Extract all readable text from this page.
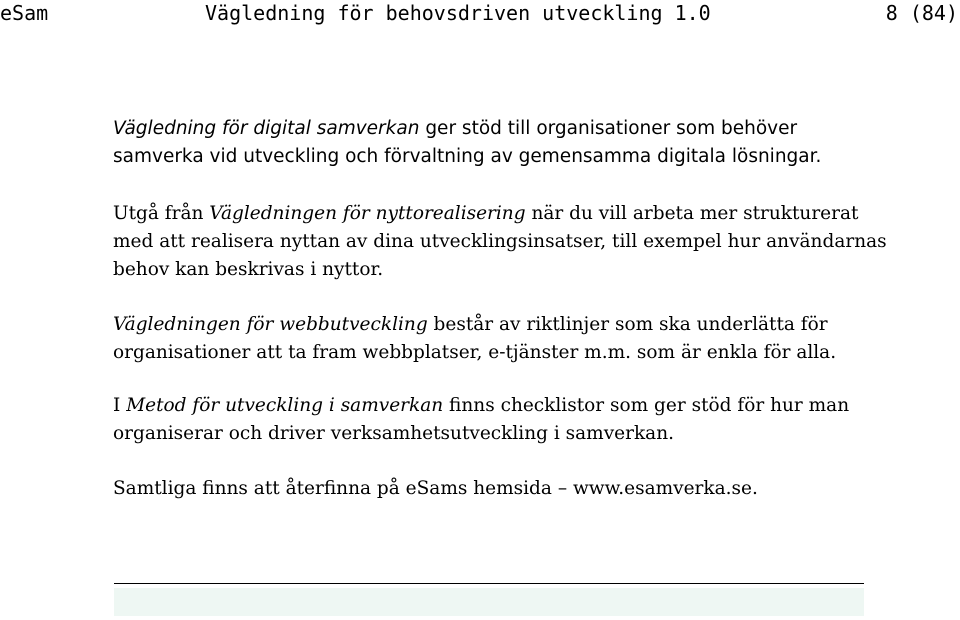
eSam	Vägledning för behovsdriven utveckling 1.0	8 (84)

Vägledning för digital samverkan ger stöd till organisationer som behöver samverka vid utveckling och förvaltning av gemensamma digitala lösningar.

Utgå från Vägledningen för nyttorealisering när du vill arbeta mer strukturerat med att realisera nyttan av dina utvecklingsinsatser, till exempel hur användarnas behov kan beskrivas i nyttor.

Vägledningen för webbutveckling består av riktlinjer som ska underlätta för organisationer att ta fram webbplatser, e-tjänster m.m. som är enkla för alla.

I Metod för utveckling i samverkan finns checklistor som ger stöd för hur man organiserar och driver verksamhetsutveckling i samverkan.

Samtliga finns att återfinna på eSams hemsida – www.esamverka.se.
